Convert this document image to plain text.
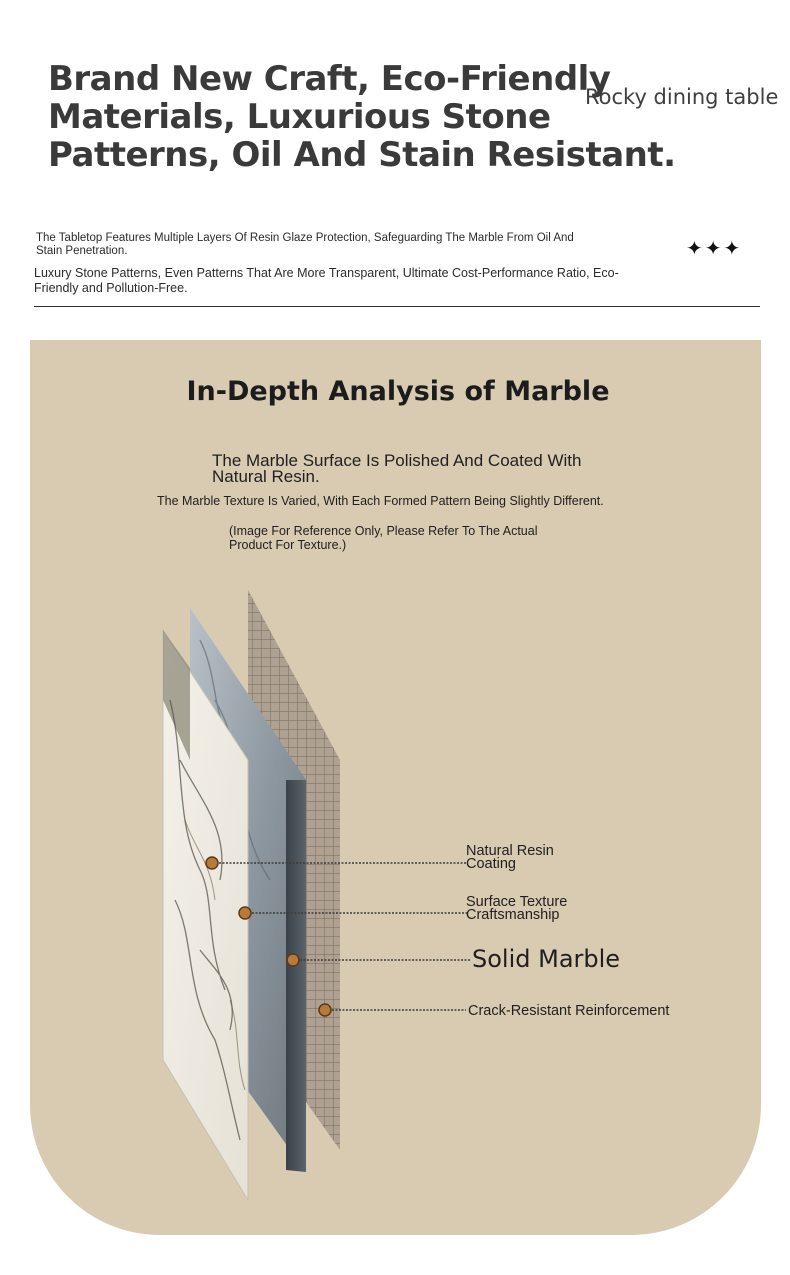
Brand New Craft, Eco-Friendly Materials, Luxurious Stone Patterns, Oil And Stain Resistant.
Rocky dining table
The Tabletop Features Multiple Layers Of Resin Glaze Protection, Safeguarding The Marble From Oil And Stain Penetration.
Luxury Stone Patterns, Even Patterns That Are More Transparent, Ultimate Cost-Performance Ratio, Eco-Friendly and Pollution-Free.
✦✦✦
In-Depth Analysis of Marble
The Marble Surface Is Polished And Coated With Natural Resin.
The Marble Texture Is Varied, With Each Formed Pattern Being Slightly Different.
(Image For Reference Only, Please Refer To The Actual Product For Texture.)
Natural Resin Coating
Surface Texture Craftsmanship
Solid Marble
Crack-Resistant Reinforcement
